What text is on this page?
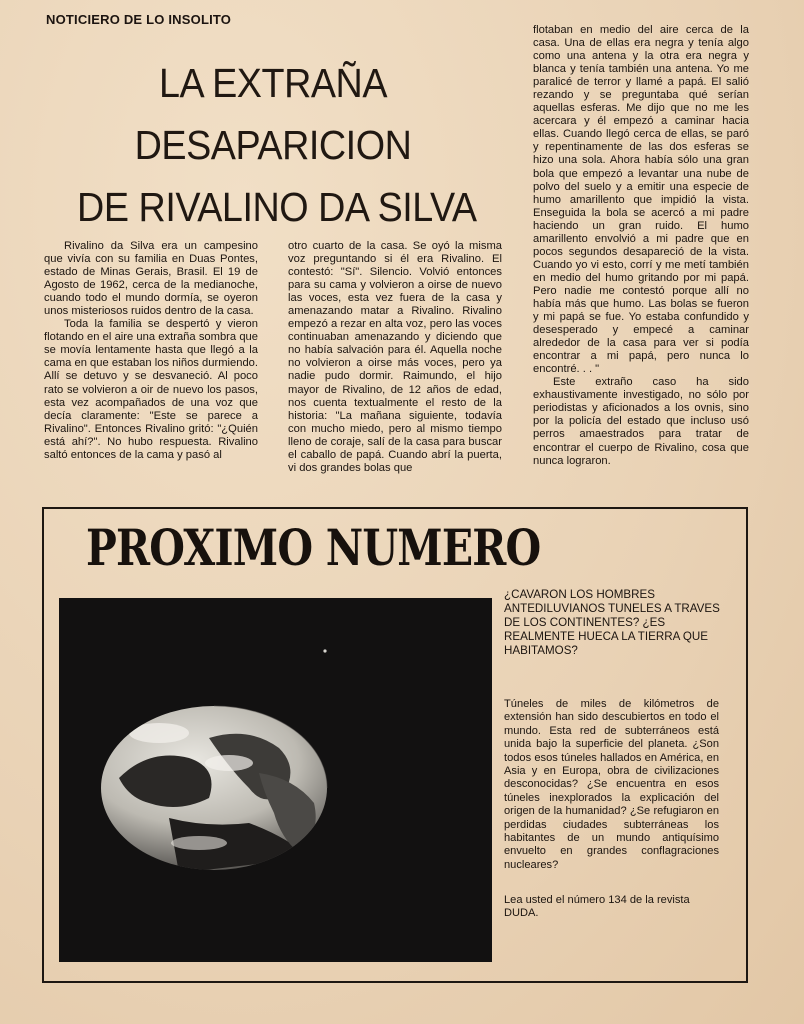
NOTICIERO DE LO INSOLITO
LA EXTRAÑA
DESAPARICION
DE RIVALINO DA SILVA

Rivalino da Silva era un campesino que vivía con su familia en Duas Pontes, estado de Minas Gerais, Brasil. El 19 de Agosto de 1962, cerca de la medianoche, cuando todo el mundo dormía, se oyeron unos misteriosos ruidos dentro de la casa.

Toda la familia se despertó y vieron flotando en el aire una extraña sombra que se movía lentamente hasta que llegó a la cama en que estaban los niños durmiendo. Allí se detuvo y se desvaneció. Al poco rato se volvieron a oir de nuevo los pasos, esta vez acompañados de una voz que decía claramente: "Este se parece a Rivalino". Entonces Rivalino gritó: "¿Quién está ahí?". No hubo respuesta. Rivalino saltó entonces de la cama y pasó al

otro cuarto de la casa. Se oyó la misma voz preguntando si él era Rivalino. El contestó: "Sí". Silencio. Volvió entonces para su cama y volvieron a oirse de nuevo las voces, esta vez fuera de la casa y amenazando matar a Rivalino. Rivalino empezó a rezar en alta voz, pero las voces continuaban amenazando y diciendo que no había salvación para él. Aquella noche no volvieron a oirse más voces, pero ya nadie pudo dormir. Raimundo, el hijo mayor de Rivalino, de 12 años de edad, nos cuenta textualmente el resto de la historia: "La mañana siguiente, todavía con mucho miedo, pero al mismo tiempo lleno de coraje, salí de la casa para buscar el caballo de papá. Cuando abrí la puerta, vi dos grandes bolas que

flotaban en medio del aire cerca de la casa. Una de ellas era negra y tenía algo como una antena y la otra era negra y blanca y tenía también una antena. Yo me paralicé de terror y llamé a papá. El salió rezando y se preguntaba qué serían aquellas esferas. Me dijo que no me les acercara y él empezó a caminar hacia ellas. Cuando llegó cerca de ellas, se paró y repentinamente de las dos esferas se hizo una sola. Ahora había sólo una gran bola que empezó a levantar una nube de polvo del suelo y a emitir una especie de humo amarillento que impidió la vista. Enseguida la bola se acercó a mi padre haciendo un gran ruido. El humo amarillento envolvió a mi padre que en pocos segundos desapareció de la vista. Cuando yo vi esto, corrí y me metí también en medio del humo gritando por mi papá. Pero nadie me contestó porque allí no había más que humo. Las bolas se fueron y mi papá se fue. Yo estaba confundido y desesperado y empecé a caminar alrededor de la casa para ver si podía encontrar a mi papá, pero nunca lo encontré. . . "

Este extraño caso ha sido exhaustivamente investigado, no sólo por periodistas y aficionados a los ovnis, sino por la policía del estado que incluso usó perros amaestrados para tratar de encontrar el cuerpo de Rivalino, cosa que nunca lograron.

PROXIMO NUMERO
¿CAVARON LOS HOMBRES ANTEDILUVIANOS TUNELES A TRAVES DE LOS CONTINENTES? ¿ES REALMENTE HUECA LA TIERRA QUE HABITAMOS?
Túneles de miles de kilómetros de extensión han sido descubiertos en todo el mundo. Esta red de subterráneos está unida bajo la superficie del planeta. ¿Son todos esos túneles hallados en América, en Asia y en Europa, obra de civilizaciones desconocidas? ¿Se encuentra en esos túneles inexplorados la explicación del origen de la humanidad? ¿Se refugiaron en perdidas ciudades subterráneas los habitantes de un mundo antiquísimo envuelto en grandes conflagraciones nucleares?
Lea usted el número 134 de la revista DUDA.
